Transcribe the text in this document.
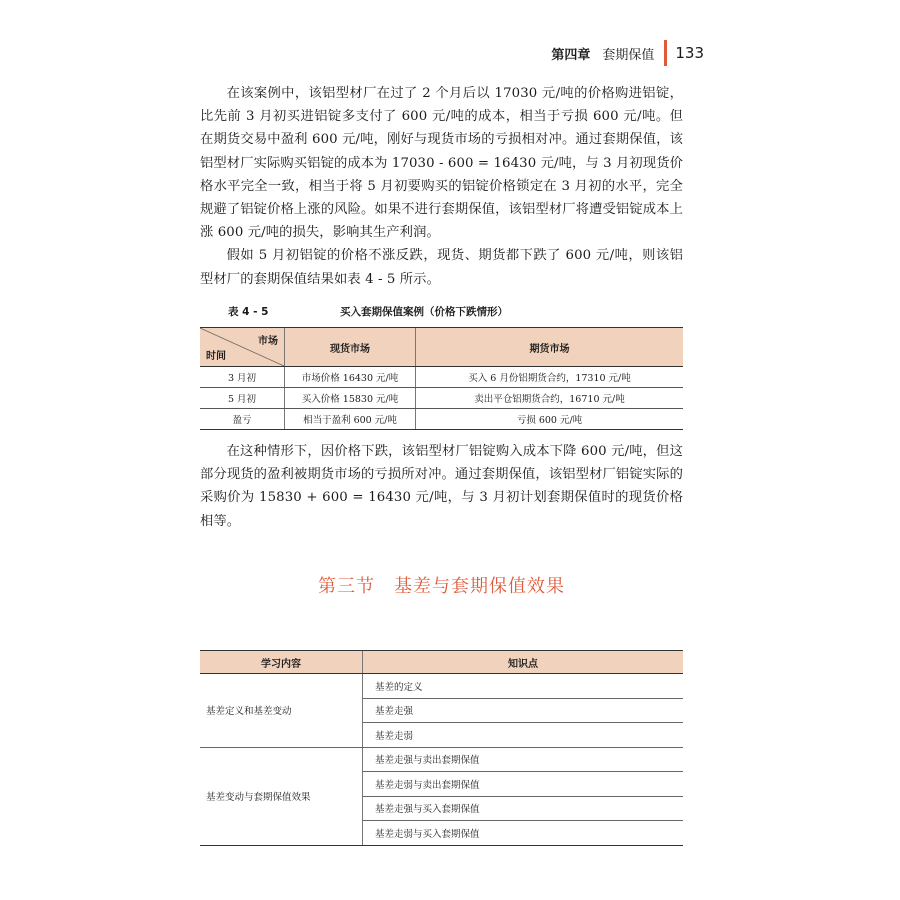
第四章 套期保值 133

在该案例中，该铝型材厂在过了 2 个月后以 17030 元/吨的价格购进铝锭，比先前 3 月初买进铝锭多支付了 600 元/吨的成本，相当于亏损 600 元/吨。但在期货交易中盈利 600 元/吨，刚好与现货市场的亏损相对冲。通过套期保值，该铝型材厂实际购买铝锭的成本为 17030 - 600 = 16430 元/吨，与 3 月初现货价格水平完全一致，相当于将 5 月初要购买的铝锭价格锁定在 3 月初的水平，完全规避了铝锭价格上涨的风险。如果不进行套期保值，该铝型材厂将遭受铝锭成本上涨 600 元/吨的损失，影响其生产利润。

假如 5 月初铝锭的价格不涨反跌，现货、期货都下跌了 600 元/吨，则该铝型材厂的套期保值结果如表 4 - 5 所示。

表 4 - 5	买入套期保值案例（价格下跌情形）
市场
时间	现货市场	期货市场
3 月初	市场价格 16430 元/吨	买入 6 月份铝期货合约，17310 元/吨
5 月初	买入价格 15830 元/吨	卖出平仓铝期货合约，16710 元/吨
盈亏	相当于盈利 600 元/吨	亏损 600 元/吨

在这种情形下，因价格下跌，该铝型材厂铝锭购入成本下降 600 元/吨，但这部分现货的盈利被期货市场的亏损所对冲。通过套期保值，该铝型材厂铝锭实际的采购价为 15830 + 600 = 16430 元/吨，与 3 月初计划套期保值时的现货价格相等。

第三节　基差与套期保值效果
学习内容	知识点
基差定义和基差变动	基差的定义
	基差走强
	基差走弱
基差变动与套期保值效果	基差走强与卖出套期保值
	基差走弱与卖出套期保值
	基差走强与买入套期保值
	基差走弱与买入套期保值
